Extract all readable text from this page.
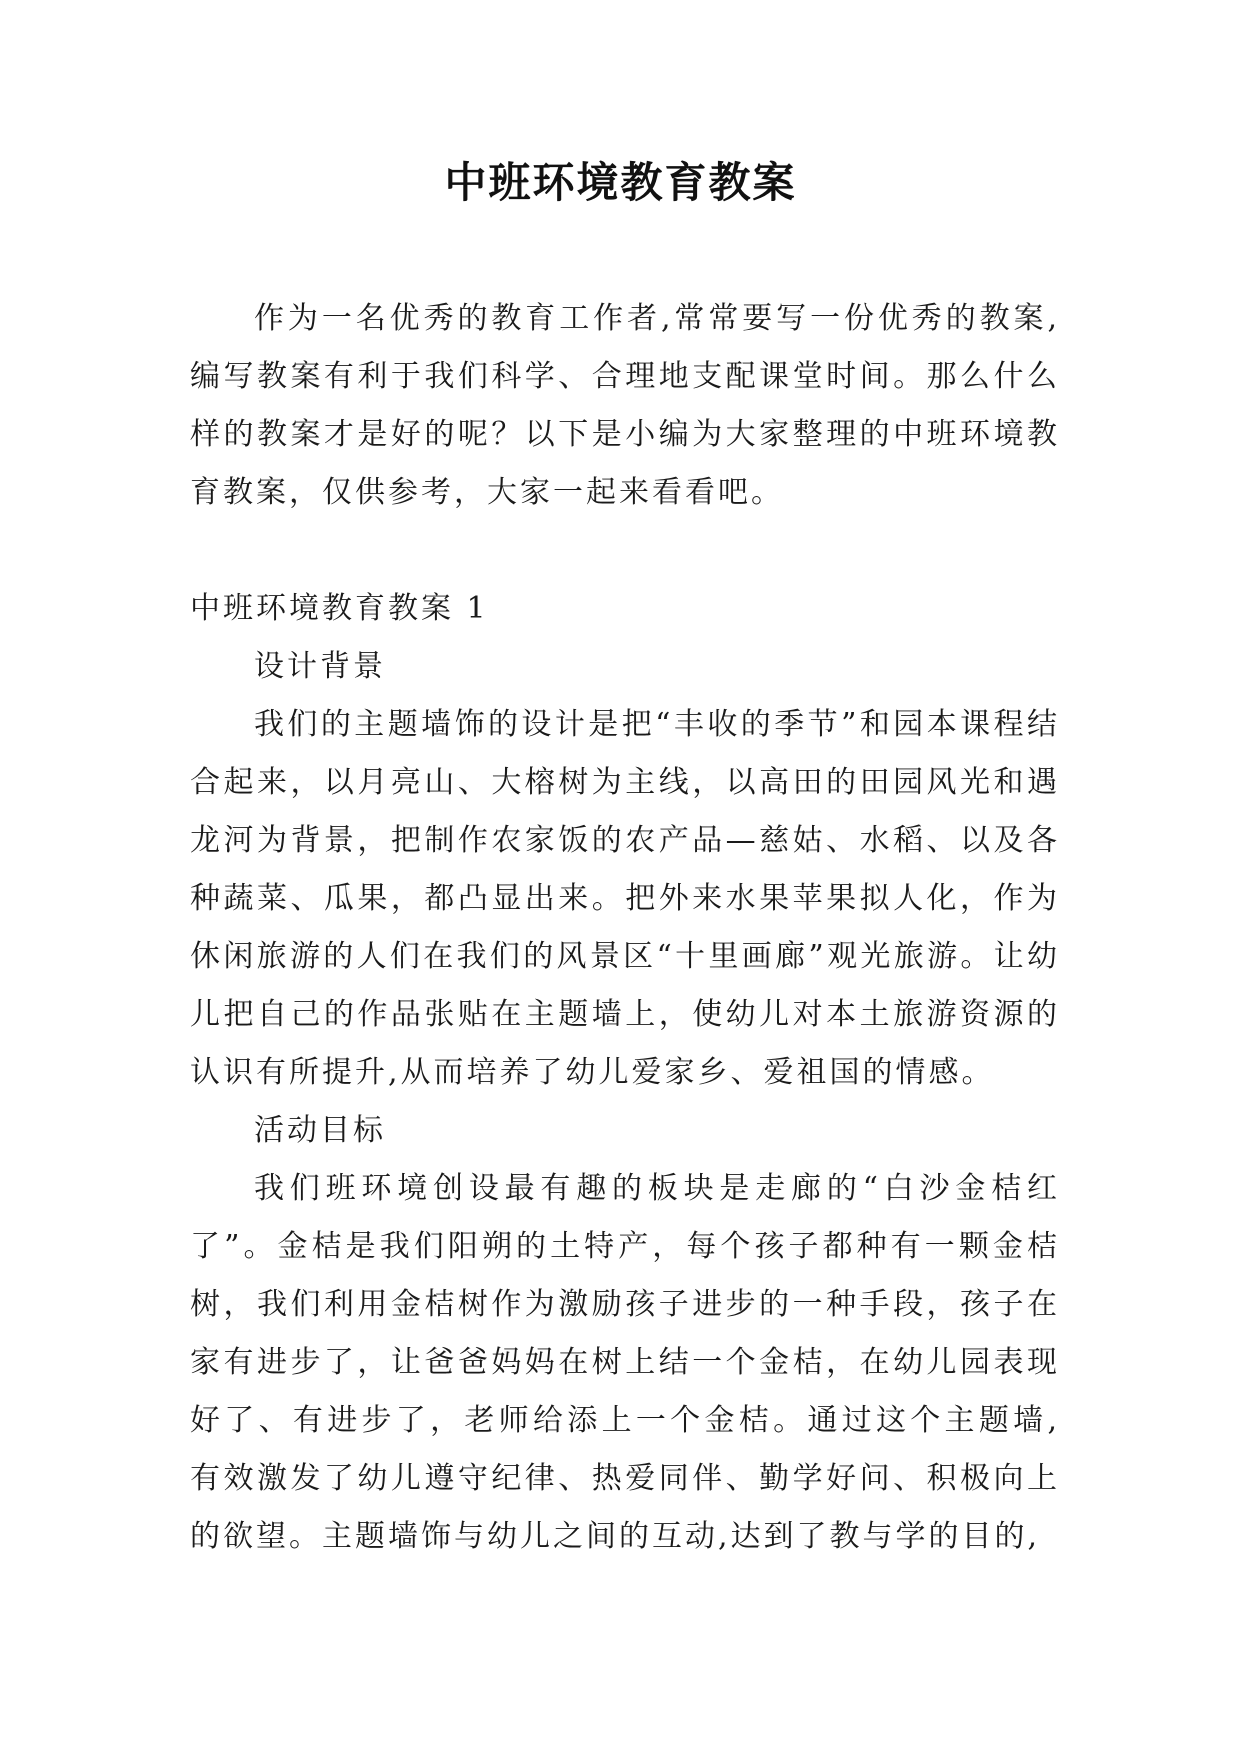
中班环境教育教案

作为一名优秀的教育工作者,常常要写一份优秀的教案,编写教案有利于我们科学、合理地支配课堂时间。那么什么样的教案才是好的呢？以下是小编为大家整理的中班环境教育教案，仅供参考，大家一起来看看吧。

中班环境教育教案 1

设计背景

我们的主题墙饰的设计是把“丰收的季节”和园本课程结合起来，以月亮山、大榕树为主线，以高田的田园风光和遇龙河为背景，把制作农家饭的农产品—慈姑、水稻、以及各种蔬菜、瓜果，都凸显出来。把外来水果苹果拟人化，作为休闲旅游的人们在我们的风景区“十里画廊”观光旅游。让幼儿把自己的作品张贴在主题墙上，使幼儿对本土旅游资源的认识有所提升,从而培养了幼儿爱家乡、爱祖国的情感。

活动目标

我们班环境创设最有趣的板块是走廊的“白沙金桔红了”。金桔是我们阳朔的土特产，每个孩子都种有一颗金桔树，我们利用金桔树作为激励孩子进步的一种手段，孩子在家有进步了，让爸爸妈妈在树上结一个金桔，在幼儿园表现好了、有进步了，老师给添上一个金桔。通过这个主题墙,有效激发了幼儿遵守纪律、热爱同伴、勤学好问、积极向上的欲望。主题墙饰与幼儿之间的互动,达到了教与学的目的,
